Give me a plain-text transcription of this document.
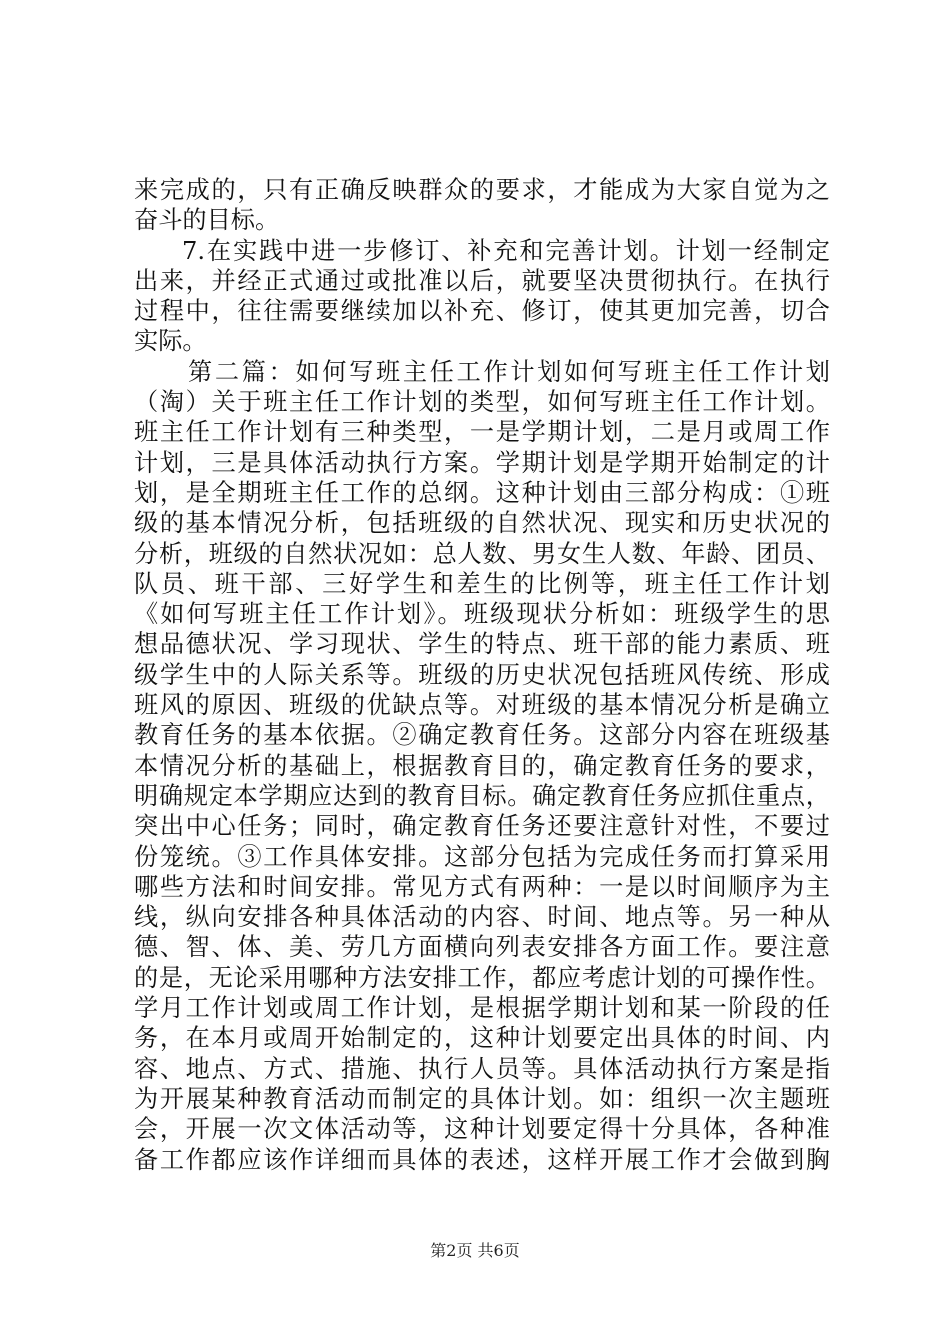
来完成的，只有正确反映群众的要求，才能成为大家自觉为之
奋斗的目标。
7.在实践中进一步修订、补充和完善计划。计划一经制定
出来，并经正式通过或批准以后，就要坚决贯彻执行。在执行
过程中，往往需要继续加以补充、修订，使其更加完善，切合
实际。
第二篇：如何写班主任工作计划如何写班主任工作计划
（淘）关于班主任工作计划的类型，如何写班主任工作计划。
班主任工作计划有三种类型，一是学期计划，二是月或周工作
计划，三是具体活动执行方案。学期计划是学期开始制定的计
划，是全期班主任工作的总纲。这种计划由三部分构成：①班
级的基本情况分析，包括班级的自然状况、现实和历史状况的
分析，班级的自然状况如：总人数、男女生人数、年龄、团员、
队员、班干部、三好学生和差生的比例等，班主任工作计划
《如何写班主任工作计划》。班级现状分析如：班级学生的思
想品德状况、学习现状、学生的特点、班干部的能力素质、班
级学生中的人际关系等。班级的历史状况包括班风传统、形成
班风的原因、班级的优缺点等。对班级的基本情况分析是确立
教育任务的基本依据。②确定教育任务。这部分内容在班级基
本情况分析的基础上，根据教育目的，确定教育任务的要求，
明确规定本学期应达到的教育目标。确定教育任务应抓住重点，
突出中心任务；同时，确定教育任务还要注意针对性，不要过
份笼统。③工作具体安排。这部分包括为完成任务而打算采用
哪些方法和时间安排。常见方式有两种：一是以时间顺序为主
线，纵向安排各种具体活动的内容、时间、地点等。另一种从
德、智、体、美、劳几方面横向列表安排各方面工作。要注意
的是，无论采用哪种方法安排工作，都应考虑计划的可操作性。
学月工作计划或周工作计划，是根据学期计划和某一阶段的任
务，在本月或周开始制定的，这种计划要定出具体的时间、内
容、地点、方式、措施、执行人员等。具体活动执行方案是指
为开展某种教育活动而制定的具体计划。如：组织一次主题班
会，开展一次文体活动等，这种计划要定得十分具体，各种准
备工作都应该作详细而具体的表述，这样开展工作才会做到胸
第2页 共6页
